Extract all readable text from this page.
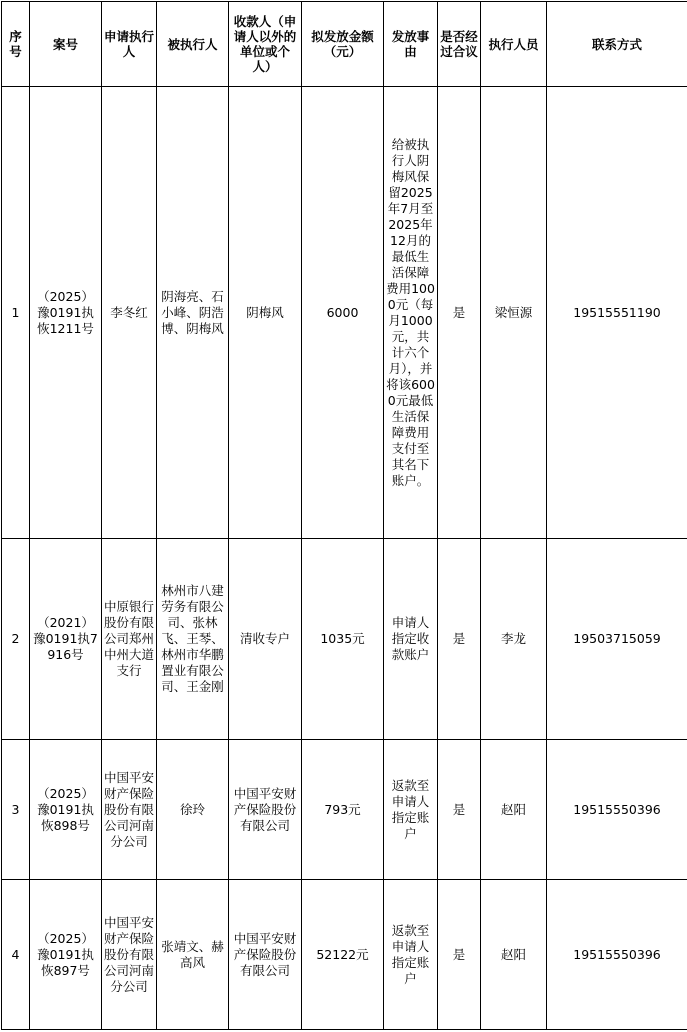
序号	案号	申请执行人	被执行人	收款人（申请人以外的单位或个人）	拟发放金额（元）	发放事由	是否经过合议	执行人员	联系方式
1	（2025）豫0191执恢1211号	李冬红	阴海亮、石小峰、阴浩博、阴梅风	阴梅风	6000	给被执行人阴梅风保留2025年7月至2025年12月的最低生活保障费用1000元（每月1000元，共计六个月），并将该6000元最低生活保障费用支付至其名下账户。	是	梁恒源	19515551190
2	（2021）豫0191执7916号	中原银行股份有限公司郑州中州大道支行	林州市八建劳务有限公司、张林飞、王琴、林州市华鹏置业有限公司、王金刚	清收专户	1035元	申请人指定收款账户	是	李龙	19503715059
3	（2025）豫0191执恢898号	中国平安财产保险股份有限公司河南分公司	徐玲	中国平安财产保险股份有限公司	793元	返款至申请人指定账户	是	赵阳	19515550396
4	（2025）豫0191执恢897号	中国平安财产保险股份有限公司河南分公司	张靖文、赫高风	中国平安财产保险股份有限公司	52122元	返款至申请人指定账户	是	赵阳	19515550396
